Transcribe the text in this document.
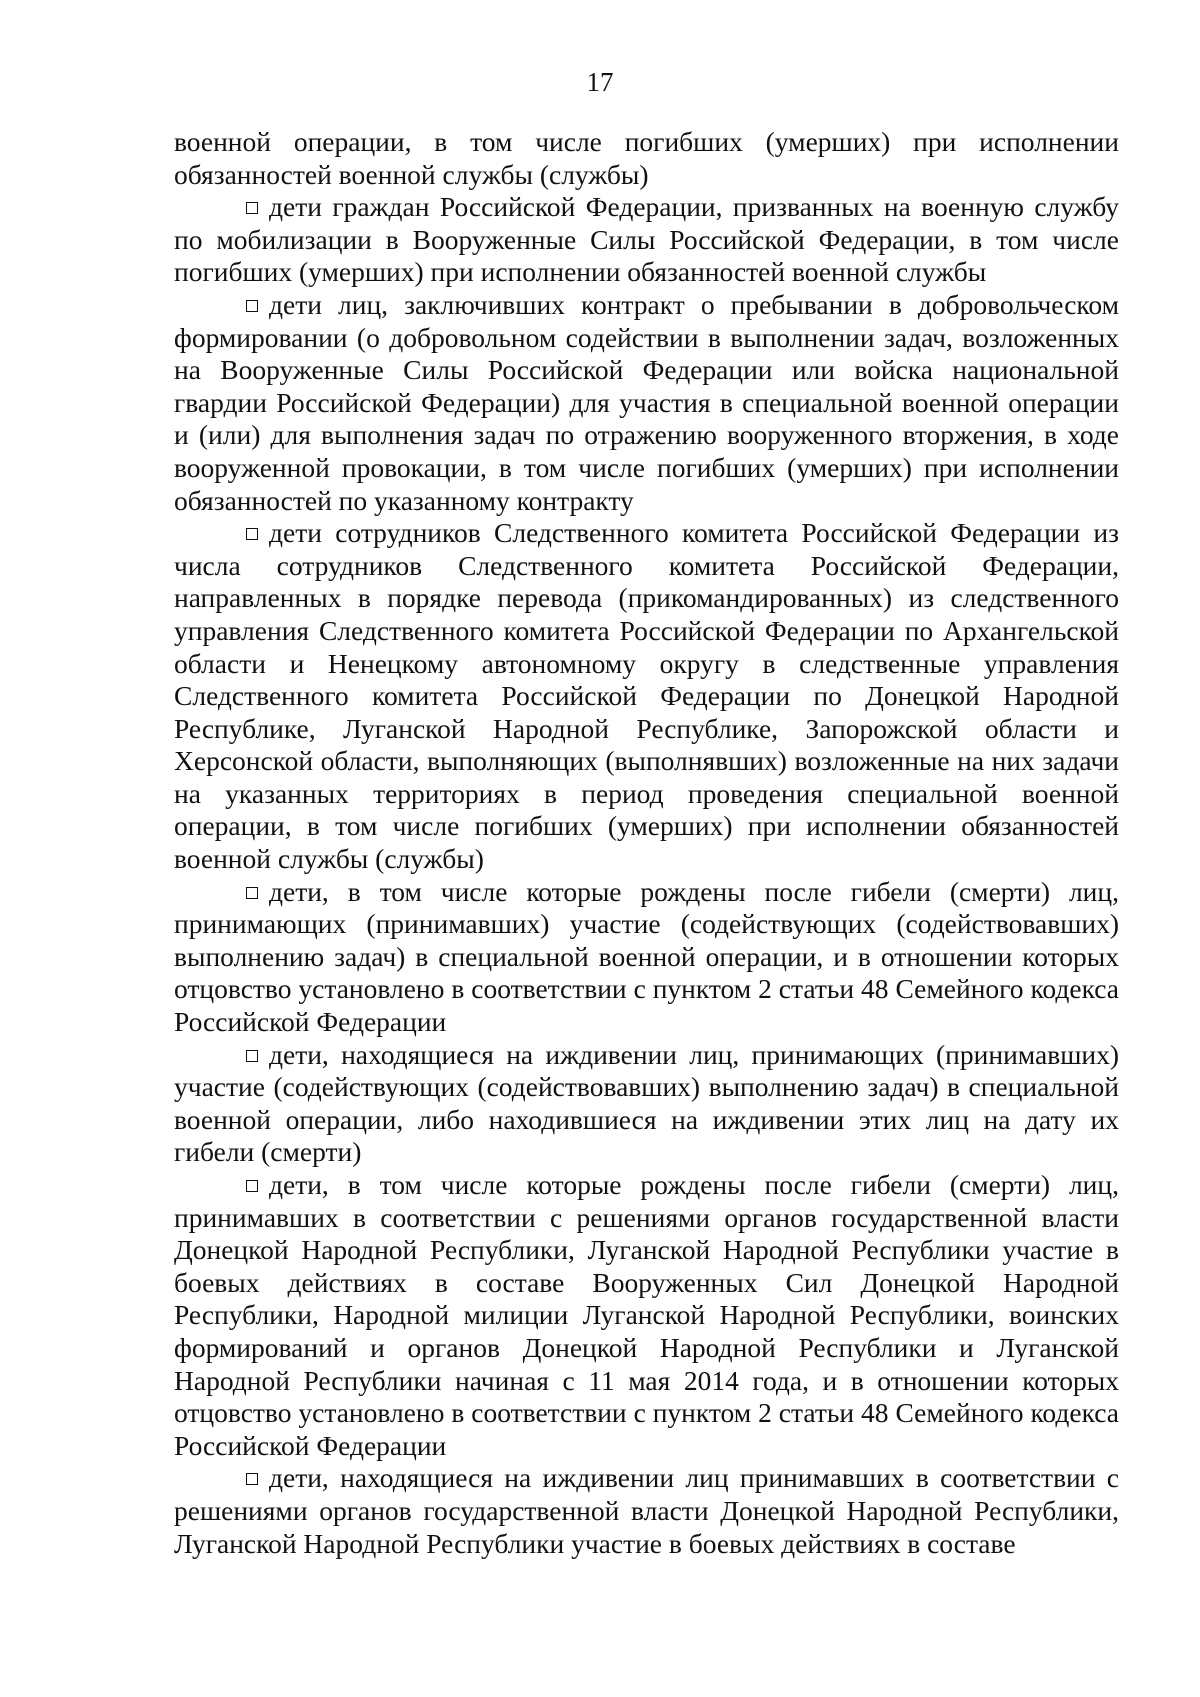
17

военной операции, в том числе погибших (умерших) при исполнении обязанностей военной службы (службы)

дети граждан Российской Федерации, призванных на военную службу по мобилизации в Вооруженные Силы Российской Федерации, в том числе погибших (умерших) при исполнении обязанностей военной службы

дети лиц, заключивших контракт о пребывании в добровольческом формировании (о добровольном содействии в выполнении задач, возложенных на Вооруженные Силы Российской Федерации или войска национальной гвардии Российской Федерации) для участия в специальной военной операции и (или) для выполнения задач по отражению вооруженного вторжения, в ходе вооруженной провокации, в том числе погибших (умерших) при исполнении обязанностей по указанному контракту

дети сотрудников Следственного комитета Российской Федерации из числа сотрудников Следственного комитета Российской Федерации, направленных в порядке перевода (прикомандированных) из следственного управления Следственного комитета Российской Федерации по Архангельской области и Ненецкому автономному округу в следственные управления Следственного комитета Российской Федерации по Донецкой Народной Республике, Луганской Народной Республике, Запорожской области и Херсонской области, выполняющих (выполнявших) возложенные на них задачи на указанных территориях в период проведения специальной военной операции, в том числе погибших (умерших) при исполнении обязанностей военной службы (службы)

дети, в том числе которые рождены после гибели (смерти) лиц, принимающих (принимавших) участие (содействующих (содействовавших) выполнению задач) в специальной военной операции, и в отношении которых отцовство установлено в соответствии с пунктом 2 статьи 48 Семейного кодекса Российской Федерации

дети, находящиеся на иждивении лиц, принимающих (принимавших) участие (содействующих (содействовавших) выполнению задач) в специальной военной операции, либо находившиеся на иждивении этих лиц на дату их гибели (смерти)

дети, в том числе которые рождены после гибели (смерти) лиц, принимавших в соответствии с решениями органов государственной власти Донецкой Народной Республики, Луганской Народной Республики участие в боевых действиях в составе Вооруженных Сил Донецкой Народной Республики, Народной милиции Луганской Народной Республики, воинских формирований и органов Донецкой Народной Республики и Луганской Народной Республики начиная с 11 мая 2014 года, и в отношении которых отцовство установлено в соответствии с пунктом 2 статьи 48 Семейного кодекса Российской Федерации

дети, находящиеся на иждивении лиц принимавших в соответствии с решениями органов государственной власти Донецкой Народной Республики, Луганской Народной Республики участие в боевых действиях в составе
